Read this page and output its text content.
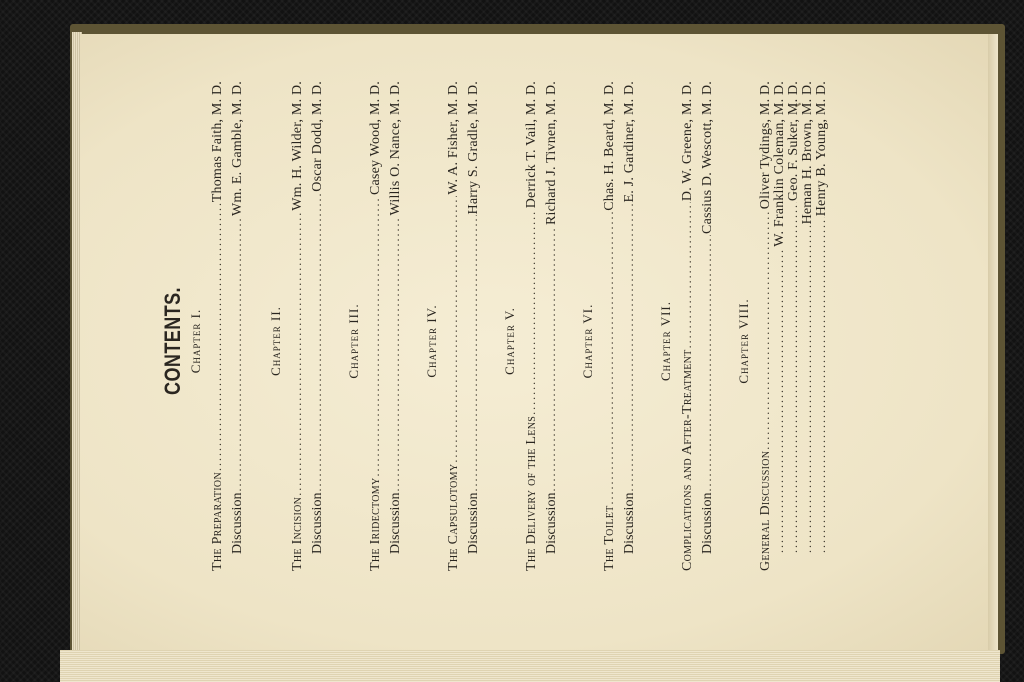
CONTENTS. Chapter I.
The Preparation
.....
Thomas Faith, M. D.
Discussion
.....
Wm. E. Gamble, M. D.
Chapter II.
The Incision
.....
Wm. H. Wilder, M. D.
Discussion
.....
Oscar Dodd, M. D.
Chapter III.
The Iridectomy
.....
Casey Wood, M. D.
Discussion
.....
Willis O. Nance, M. D.
Chapter IV.
The Capsulotomy
.....
W. A. Fisher, M. D.
Discussion
.....
Harry S. Gradle, M. D.
Chapter V.
The Delivery of the Lens
.....
Derrick T. Vail, M. D.
Discussion
.....
Richard J. Tivnen, M. D.
Chapter VI.
The Toilet
.....
Chas. H. Beard, M. D.
Discussion
.....
E. J. Gardiner, M. D.
Chapter VII.
Complications and After-Treatment
.....
D. W. Greene, M. D.
Discussion
.....
Cassius D. Wescott, M. D.
Chapter VIII.
General Discussion
.....
Oliver Tydings, M. D.
..... W. Franklin Coleman, M. D.
..... Geo. F. Suker, M. D.
..... Heman H. Brown, M. D.
..... Henry B. Young, M. D.
